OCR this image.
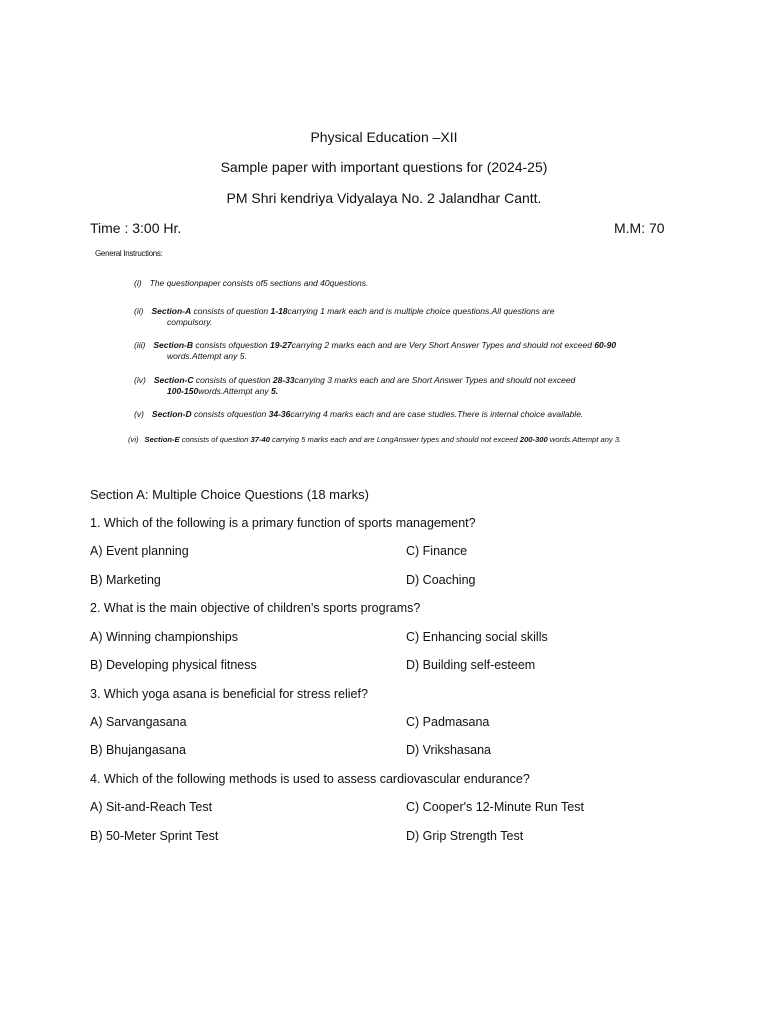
Physical Education –XII
Sample paper with important questions for (2024-25)
PM Shri kendriya Vidyalaya No. 2 Jalandhar Cantt.
Time : 3:00 Hr.	M.M: 70
General Instructions:
(i) The questionpaper consists of5 sections and 40questions.
(ii) Section-A consists of question 1-18carrying 1 mark each and is multiple choice questions.All questions are
compulsory.
(iii) Section-B consists ofquestion 19-27carrying 2 marks each and are Very Short Answer Types and should not exceed 60-90
words.Attempt any 5.
(iv) Section-C consists of question 28-33carrying 3 marks each and are Short Answer Types and should not exceed
100-150words.Attempt any 5.
(v) Section-D consists ofquestion 34-36carrying 4 marks each and are case studies.There is internal choice available.
(vi) Section-E consists of question 37-40 carrying 5 marks each and are LongAnswer types and should not exceed 200-300 words.Attempt any 3.
Section A: Multiple Choice Questions (18 marks)
1. Which of the following is a primary function of sports management?
A) Event planning	C) Finance
B) Marketing	D) Coaching
2. What is the main objective of children's sports programs?
A) Winning championships	C) Enhancing social skills
B) Developing physical fitness	D) Building self-esteem
3. Which yoga asana is beneficial for stress relief?
A) Sarvangasana	C) Padmasana
B) Bhujangasana	D) Vrikshasana
4. Which of the following methods is used to assess cardiovascular endurance?
A) Sit-and-Reach Test	C) Cooper's 12-Minute Run Test
B) 50-Meter Sprint Test	D) Grip Strength Test
